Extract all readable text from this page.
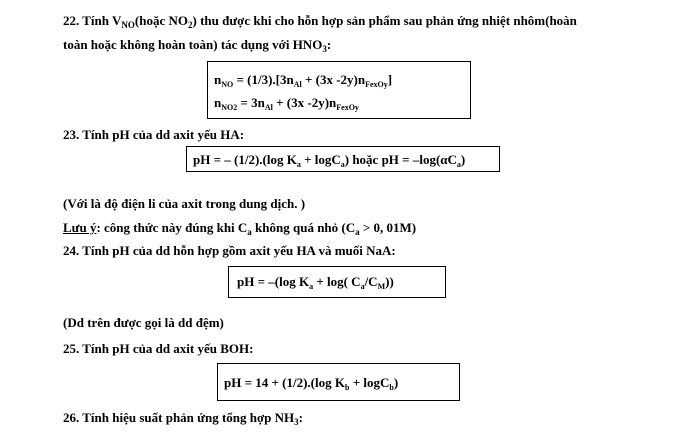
22. Tính $V_{NO}(hoặc$ $NO_2$) thu được khi cho hỗn hợp sản phẩm sau phản ứng nhiệt nhôm(hoàn
toàn hoặc không hoàn toàn) tác dụng với $HNO_3$:
$n_{NO} = (1/3).[3n_{Al} + (3x$ $-2y)n_{FexOy}$]
$n_{NO2} = 3n_{Al} + (3x$ $-2y)n_{FexOy}$
23. Tính pH của dd axit yếu HA:
pH = – (1/2).(log $K_a + \log C_a$) hoặc pH = $-\log(\alpha C_a)$
(Với là độ điện li của axit trong dung dịch. )
Lưu ý: công thức này đúng khi $C_a$ không quá nhỏ ($C_a > 0$, 01M)
24. Tính pH của dd hỗn hợp gồm axit yếu HA và muối NaA:
pH = –(log $K_a + \log$( $C_a/C_M$))
(Dd trên được gọi là dd đệm)
25. Tính pH của dd axit yếu BOH:
pH = 14 + (1/2).(log $K_b + \log C_b$)
26. Tính hiệu suất phản ứng tổng hợp $NH_3$:
